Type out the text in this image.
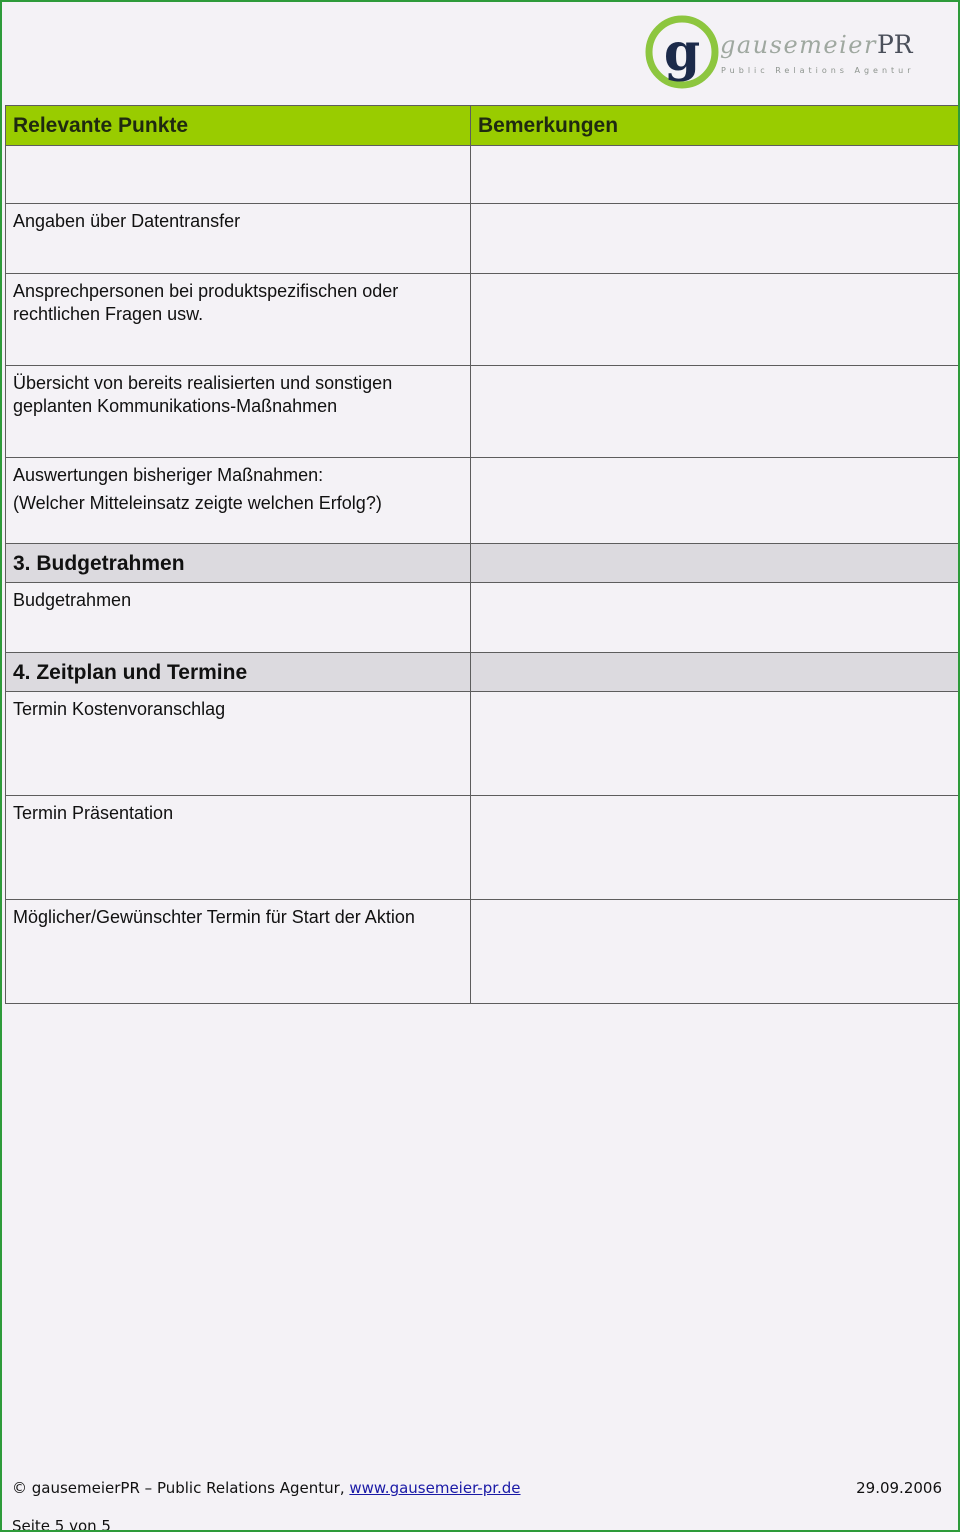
g gausemeierPR
Public Relations Agentur
Relevante Punkte	Bemerkungen

Angaben über Datentransfer	
Ansprechpersonen bei produktspezifischen oder rechtlichen Fragen usw.	
Übersicht von bereits realisierten und sonstigen geplanten Kommunikations-Maßnahmen	
Auswertungen bisheriger Maßnahmen:
(Welcher Mitteleinsatz zeigte welchen Erfolg?)	

3. Budgetrahmen	
Budgetrahmen	
4. Zeitplan und Termine	
Termin Kostenvoranschlag	
Termin Präsentation	
Möglicher/Gewünschter Termin für Start der Aktion	
© gausemeierPR – Public Relations Agentur, www.gausemeier-pr.de	29.09.2006
Seite 5 von 5
